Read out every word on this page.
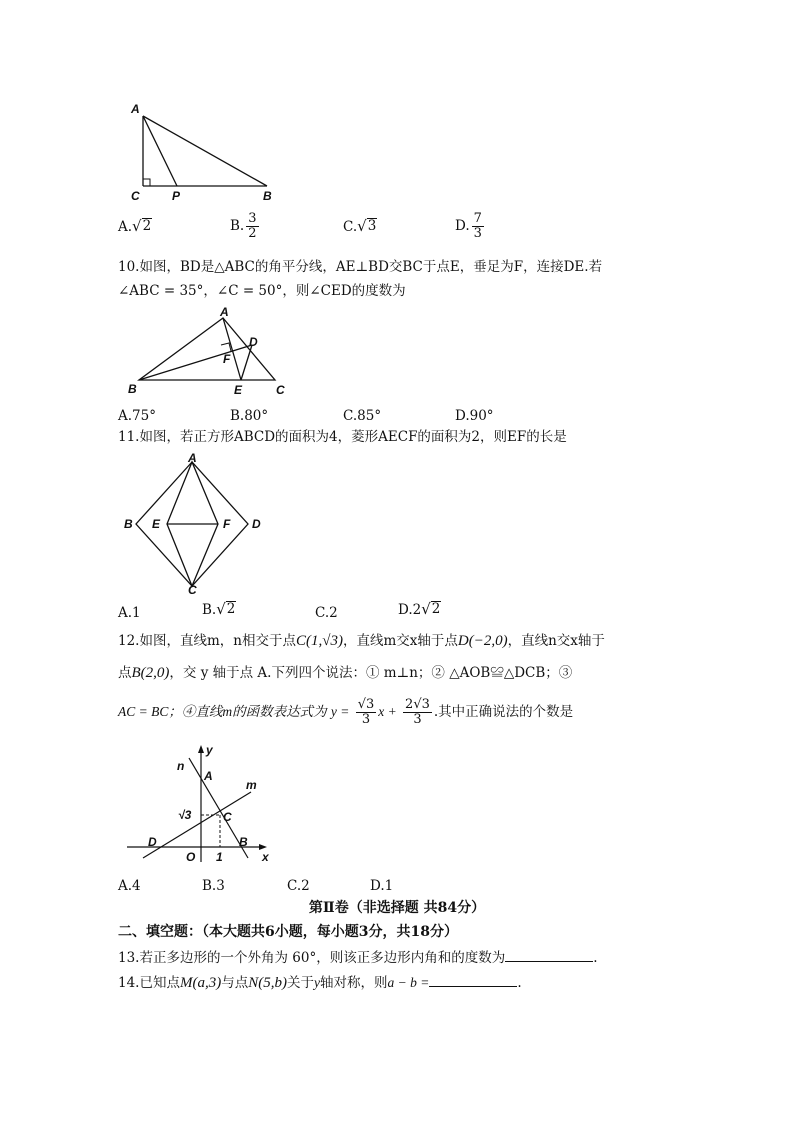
A
C	P	B
A. √ 2	B. $\frac{3}{2}$	C. √ 3	D. $\frac{7}{3}$
10.如图，BD是△ABC的角平分线，AE⊥BD交BC于点E，垂足为F，连接DE.若
∠ABC = 35°，∠C = 50°，则∠CED的度数为
A
D
F
B	E	C
A.75°	B.80°	C.85°	D.90°
11.如图，若正方形ABCD的面积为4，菱形AECF的面积为2，则EF的长是
A
B E	F D
C
A.1	B. √ 2	C.2	D.2 √ 2
12.如图，直线m，n相交于点C(1,√3)，直线m交x轴于点D(−2,0)，直线n交x轴于
点B(2,0)，交 y 轴于点 A.下列四个说法：① m⊥n；② △AOB≌△DCB；③
AC = BC；④直线m的函数表达式为 $y = \frac{√3}{3}$ $x + \frac{2√3}{3}$ .其中正确说法的个数是
y
n
m
A
√3	C
D
O 1
B
x
A.4	B.3	C.2	D.1
第Ⅱ卷（非选择题 共84分）
二、填空题：（本大题共6小题，每小题3分，共18分）
13.若正多边形的一个外角为 60°，则该正多边形内角和的度数为	.
14.已知点M(a,3)与点N(5,b)关于y轴对称，则a − b =	.
